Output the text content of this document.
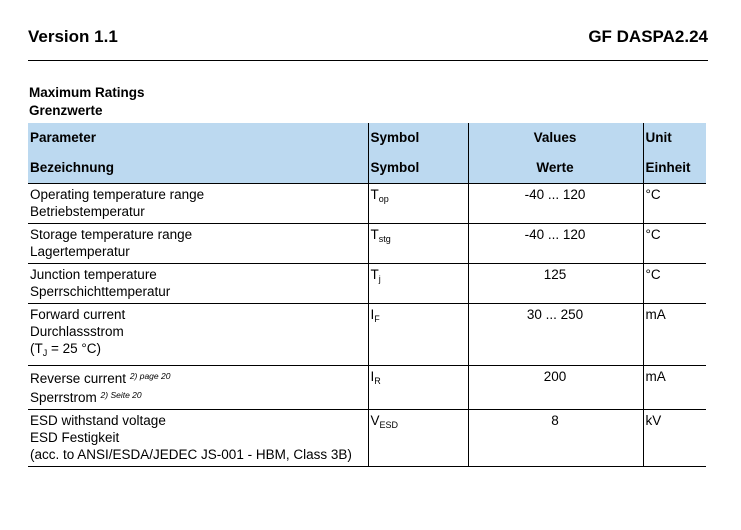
Version 1.1	GF DASPA2.24
Maximum Ratings
Grenzwerte
Parameter	Symbol	Values	Unit
Bezeichnung	Symbol	Werte	Einheit

Operating temperature range
Betriebstemperatur	$T_{op}$	-40 ... 120	°C

Storage temperature range
Lagertemperatur	$T_{stg}$	-40 ... 120	°C

Junction temperature
Sperrschichttemperatur	$T_j$	125	°C

Forward current
Durchlassstrom
($T_J = 25$ °C)	$I_F$	30 ... 250	mA

Reverse current $^{2) page 20}$
Sperrstrom $^{2) Seite 20}$	$I_R$	200	mA

ESD withstand voltage
ESD Festigkeit
(acc. to ANSI/ESDA/JEDEC JS-001 - HBM, Class 3B)	$V_{ESD}$	8	kV
